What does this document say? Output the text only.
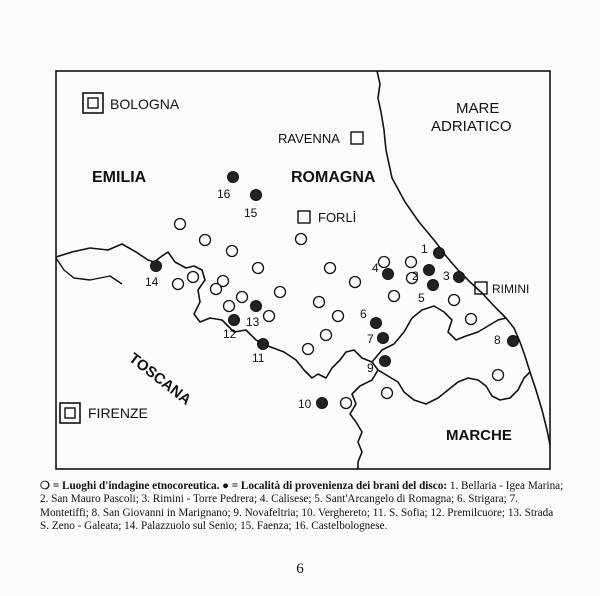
BOLOGNA	MARE
ADRIATICO
RAVENNA
EMILIA	ROMAGNA
FORLÌ
RIMINI
TOSCANA
FIRENZE
MARCHE
1
2 3
4
5
6
7	8
9
10
11
12
13
14
15
16
❍ = Luoghi d'indagine etnocoreutica. ● = Località di provenienza dei brani del disco: 1. Bellaria - Igea Marina; 2. San Mauro Pascoli; 3. Rimini - Torre Pedrera; 4. Calisese; 5. Sant'Arcangelo di Romagna; 6. Strigara; 7. Montetiffi; 8. San Giovanni in Marignano; 9. Novafeltria; 10. Verghereto; 11. S. Sofia; 12. Premilcuore; 13. Strada S. Zeno - Galeata; 14. Palazzuolo sul Senio; 15. Faenza; 16. Castelbolognese.
6
